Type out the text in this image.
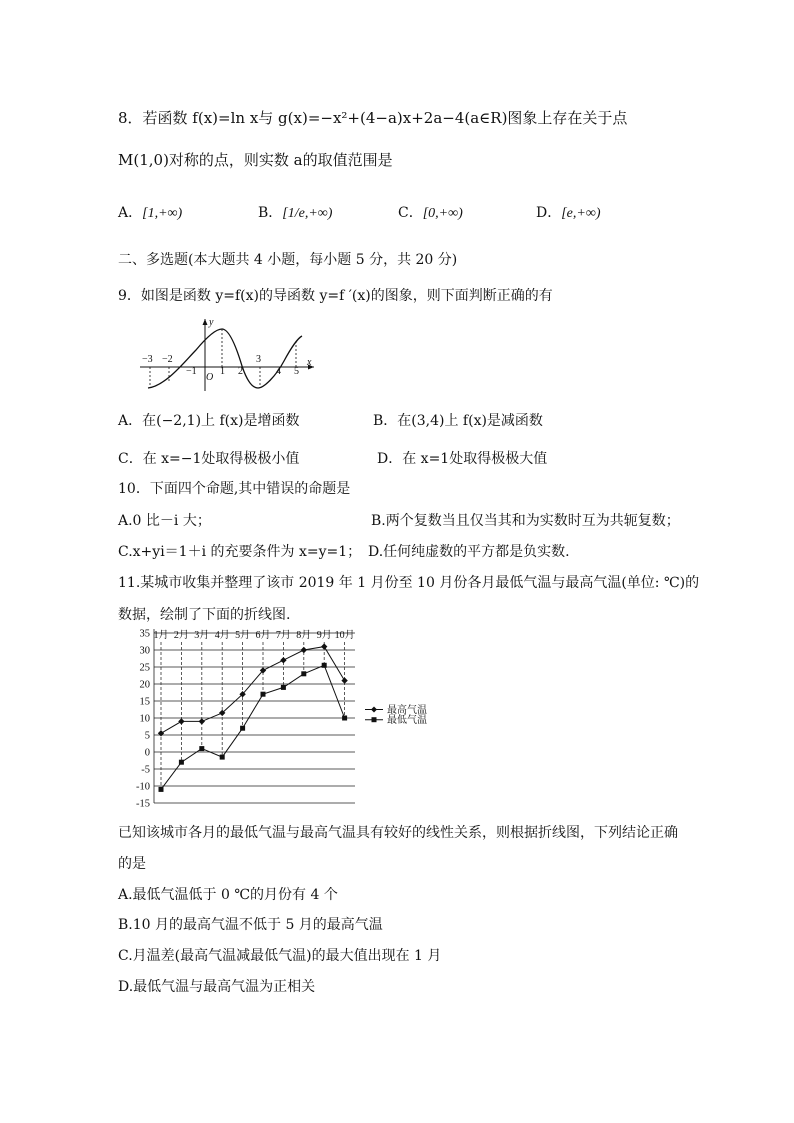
8．若函数 f(x)=ln x与 g(x)=−x²+(4−a)x+2a−4(a∈R)图象上存在关于点
M(1,0)对称的点，则实数 a的取值范围是
A．[1,+∞)	B．[1/e,+∞)	C．[0,+∞)	D．[e,+∞)
二、多选题(本大题共 4 小题，每小题 5 分，共 20 分)
9．如图是函数 y=f(x)的导函数 y=f ′(x)的图象，则下面判断正确的有
y
x
O
−3 −2
−1 1 2
3
4 5
A．在(−2,1)上 f(x)是增函数	B．在(3,4)上 f(x)是减函数
C．在 x=−1处取得极极小值	D．在 x=1处取得极极大值
10．下面四个命题,其中错误的命题是
A.0 比－i 大；	B.两个复数当且仅当其和为实数时互为共轭复数；
C.x+yi＝1＋i 的充要条件为 x=y=1； D.任何纯虚数的平方都是负实数.
11.某城市收集并整理了该市 2019 年 1 月份至 10 月份各月最低气温与最高气温(单位: ℃)的
数据，绘制了下面的折线图.
35
30
25
20
15
10
5
0
-5
-10
-15
1月 2月 3月 4月 5月 6月 7月 8月 9月 10月
最高气温
最低气温
已知该城市各月的最低气温与最高气温具有较好的线性关系，则根据折线图，下列结论正确
的是
A.最低气温低于 0 ℃的月份有 4 个
B.10 月的最高气温不低于 5 月的最高气温
C.月温差(最高气温减最低气温)的最大值出现在 1 月
D.最低气温与最高气温为正相关
